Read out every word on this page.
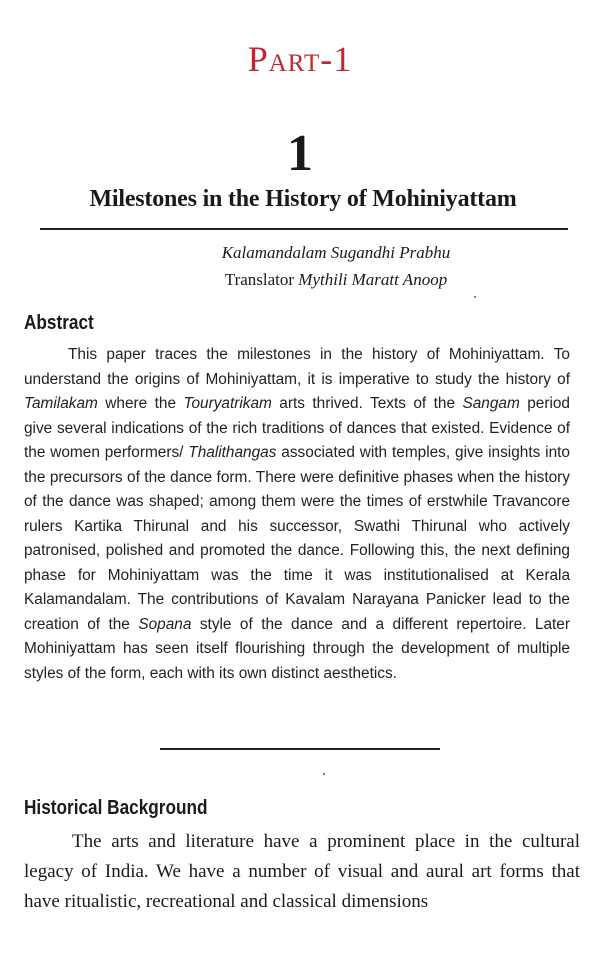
Part-1
1
Milestones in the History of Mohiniyattam
Kalamandalam Sugandhi Prabhu
Translator Mythili Maratt Anoop
Abstract

This paper traces the milestones in the history of Mohiniyattam. To understand the origins of Mohiniyattam, it is imperative to study the history of Tamilakam where the Touryatrikam arts thrived. Texts of the Sangam period give several indications of the rich traditions of dances that existed. Evidence of the women performers/ Thalithangas associated with temples, give insights into the precursors of the dance form. There were definitive phases when the history of the dance was shaped; among them were the times of erstwhile Travancore rulers Kartika Thirunal and his successor, Swathi Thirunal who actively patronised, polished and promoted the dance. Following this, the next defining phase for Mohiniyattam was the time it was institutionalised at Kerala Kalamandalam. The contributions of Kavalam Narayana Panicker lead to the creation of the Sopana style of the dance and a different repertoire. Later Mohiniyattam has seen itself flourishing through the development of multiple styles of the form, each with its own distinct aesthetics.

Historical Background

The arts and literature have a prominent place in the cultural legacy of India. We have a number of visual and aural art forms that have ritualistic, recreational and classical dimensions
